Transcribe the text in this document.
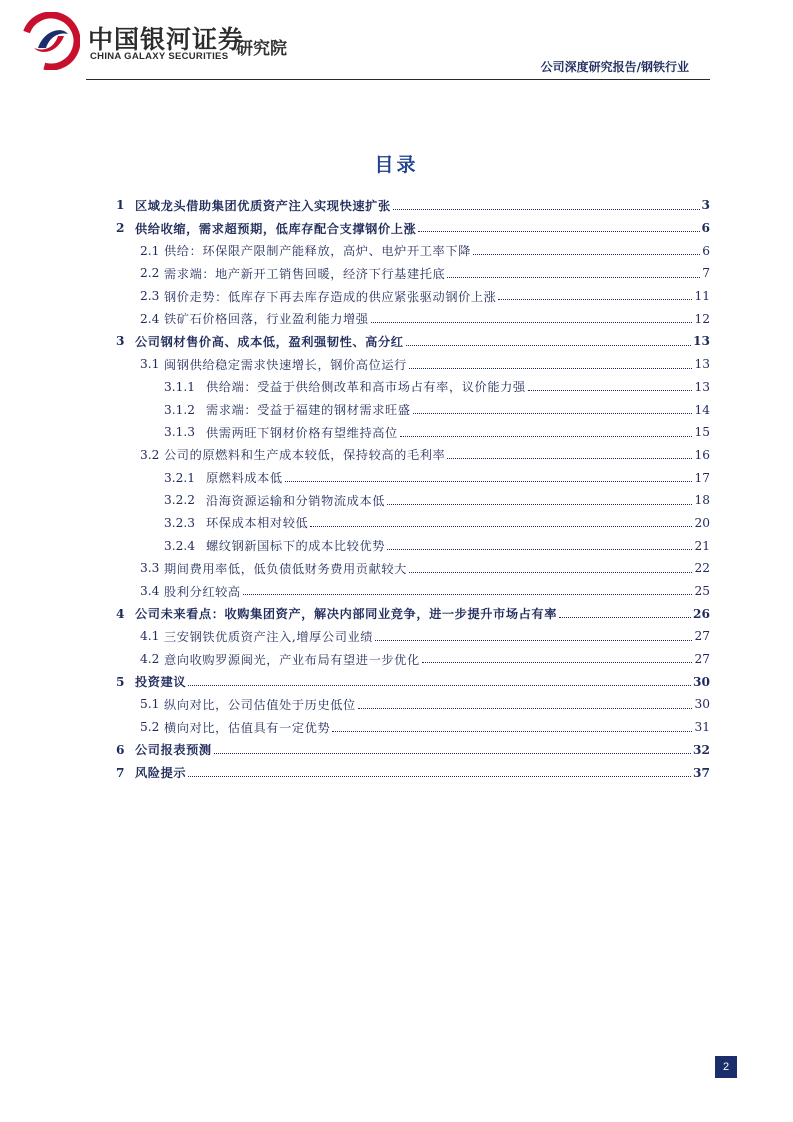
中国银河证券
CHINA GALAXY SECURITIES 研究院
公司深度研究报告/钢铁行业
目录
1 区域龙头借助集团优质资产注入实现快速扩张	3
2 供给收缩，需求超预期，低库存配合支撑钢价上涨	6
2.1 供给：环保限产限制产能释放，高炉、电炉开工率下降	6
2.2 需求端：地产新开工销售回暖，经济下行基建托底	7
2.3 钢价走势：低库存下再去库存造成的供应紧张驱动钢价上涨	11
2.4 铁矿石价格回落，行业盈利能力增强	12
3 公司钢材售价高、成本低，盈利强韧性、高分红	13
3.1 闽钢供给稳定需求快速增长，钢价高位运行	13
3.1.1 供给端：受益于供给侧改革和高市场占有率，议价能力强	13
3.1.2 需求端：受益于福建的钢材需求旺盛	14
3.1.3 供需两旺下钢材价格有望维持高位	15
3.2 公司的原燃料和生产成本较低，保持较高的毛利率	16
3.2.1 原燃料成本低	17
3.2.2 沿海资源运输和分销物流成本低	18
3.2.3 环保成本相对较低	20
3.2.4 螺纹钢新国标下的成本比较优势	21
3.3 期间费用率低，低负债低财务费用贡献较大	22
3.4 股利分红较高	25
4 公司未来看点：收购集团资产，解决内部同业竞争，进一步提升市场占有率	26
4.1 三安钢铁优质资产注入,增厚公司业绩	27
4.2 意向收购罗源闽光，产业布局有望进一步优化	27
5 投资建议	30
5.1 纵向对比，公司估值处于历史低位	30
5.2 横向对比，估值具有一定优势	31
6 公司报表预测	32
7 风险提示	37
2
